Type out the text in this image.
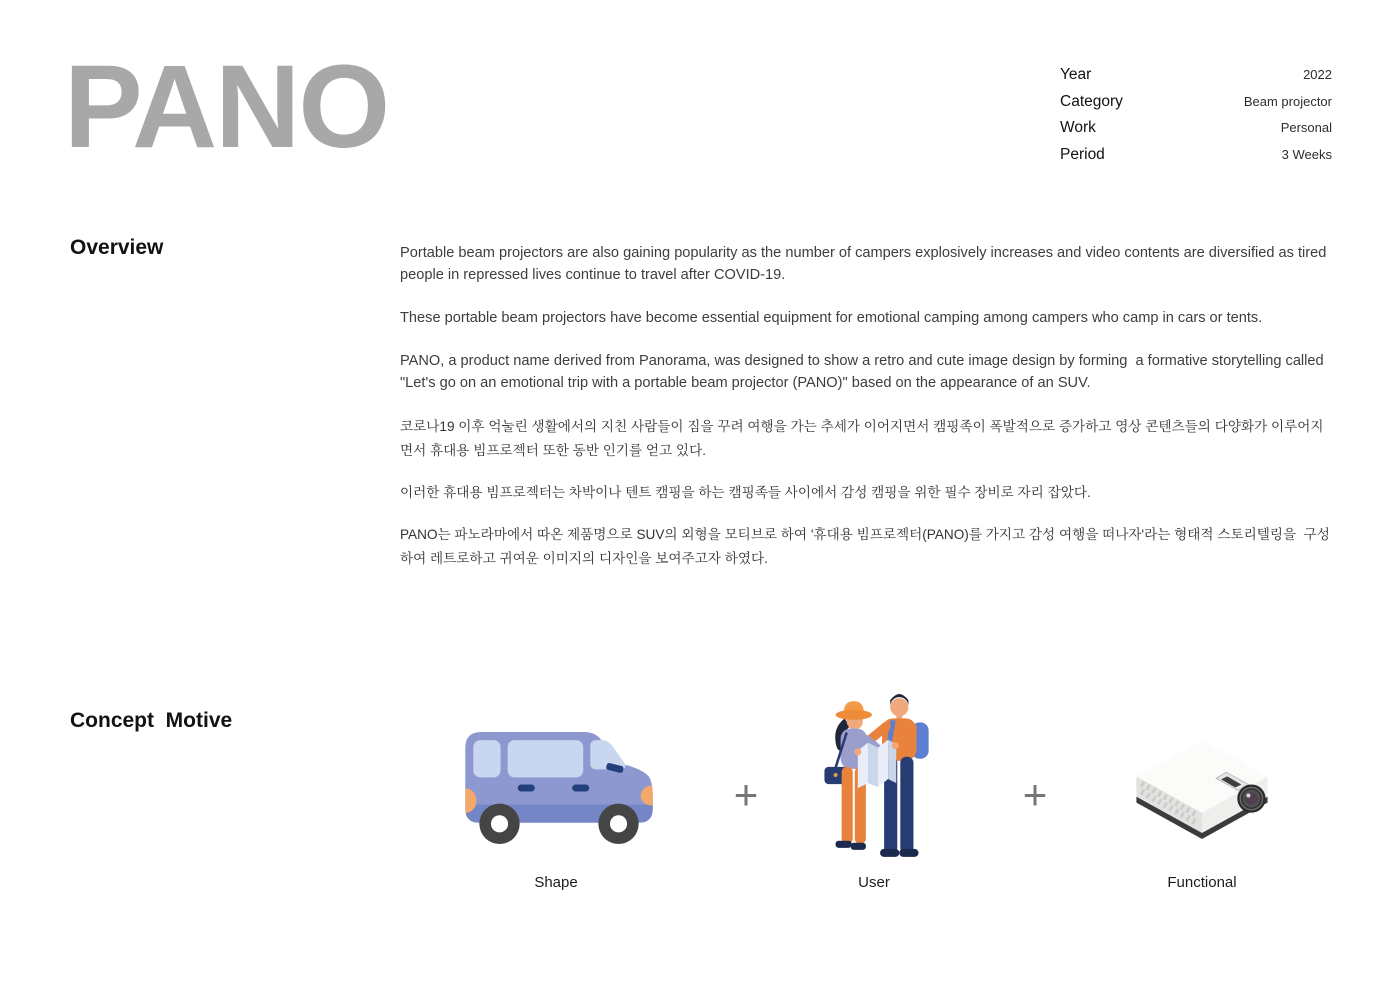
PANO	Year	2022
Category	Beam projector
Work	Personal
Period	3 Weeks
Overview	Portable beam projectors are also gaining popularity as the number of campers explosively increases and video contents are diversified as tired people in repressed lives continue to travel after COVID-19.

These portable beam projectors have become essential equipment for emotional camping among campers who camp in cars or tents.

PANO, a product name derived from Panorama, was designed to show a retro and cute image design by forming  a formative storytelling called "Let's go on an emotional trip with a portable beam projector (PANO)" based on the appearance of an SUV.

코로나19 이후 억눌린 생활에서의 지친 사람들이 짐을 꾸려 여행을 가는 추세가 이어지면서 캠핑족이 폭발적으로 증가하고 영상 콘텐츠들의 다양화가 이루어지면서 휴대용 빔프로젝터 또한 동반 인기를 얻고 있다.

이러한 휴대용 빔프로젝터는 차박이나 텐트 캠핑을 하는 캠핑족들 사이에서 감성 캠핑을 위한 필수 장비로 자리 잡았다.

PANO는 파노라마에서 따온 제품명으로 SUV의 외형을 모티브로 하여 '휴대용 빔프로젝터(PANO)를 가지고 감성 여행을 떠나자'라는 형태적 스토리텔링을  구성하여 레트로하고 귀여운 이미지의 디자인을 보여주고자 하였다.

Concept  Motive
+	+
Shape	User	Functional
